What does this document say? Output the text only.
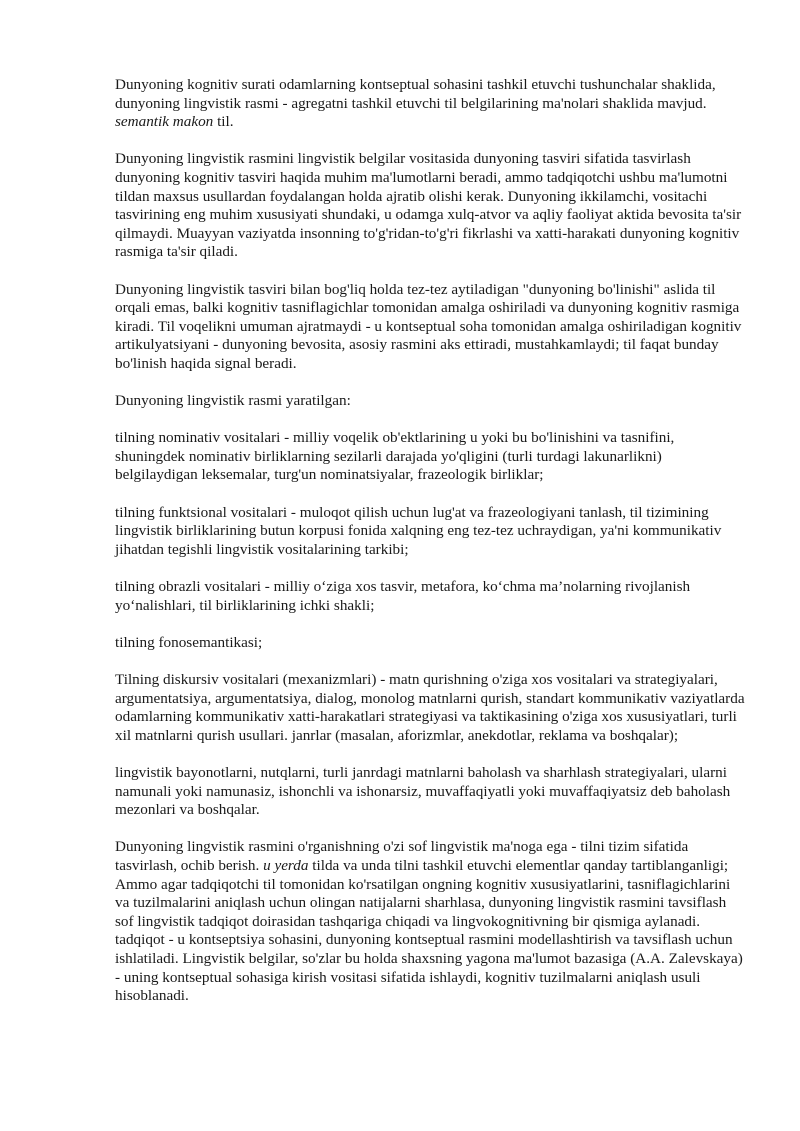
Dunyoning kognitiv surati odamlarning kontseptual sohasini tashkil etuvchi tushunchalar shaklida, dunyoning lingvistik rasmi - agregatni tashkil etuvchi til belgilarining ma'nolari shaklida mavjud. semantik makon til.

Dunyoning lingvistik rasmini lingvistik belgilar vositasida dunyoning tasviri sifatida tasvirlash dunyoning kognitiv tasviri haqida muhim ma'lumotlarni beradi, ammo tadqiqotchi ushbu ma'lumotni tildan maxsus usullardan foydalangan holda ajratib olishi kerak. Dunyoning ikkilamchi, vositachi tasvirining eng muhim xususiyati shundaki, u odamga xulq-atvor va aqliy faoliyat aktida bevosita ta'sir qilmaydi. Muayyan vaziyatda insonning to'g'ridan-to'g'ri fikrlashi va xatti-harakati dunyoning kognitiv rasmiga ta'sir qiladi.

Dunyoning lingvistik tasviri bilan bog'liq holda tez-tez aytiladigan "dunyoning bo'linishi" aslida til orqali emas, balki kognitiv tasniflagichlar tomonidan amalga oshiriladi va dunyoning kognitiv rasmiga kiradi. Til voqelikni umuman ajratmaydi - u kontseptual soha tomonidan amalga oshiriladigan kognitiv artikulyatsiyani - dunyoning bevosita, asosiy rasmini aks ettiradi, mustahkamlaydi; til faqat bunday bo'linish haqida signal beradi.

Dunyoning lingvistik rasmi yaratilgan:

tilning nominativ vositalari - milliy voqelik ob'ektlarining u yoki bu bo'linishini va tasnifini, shuningdek nominativ birliklarning sezilarli darajada yo'qligini (turli turdagi lakunarlikni) belgilaydigan leksemalar, turg'un nominatsiyalar, frazeologik birliklar;

tilning funktsional vositalari - muloqot qilish uchun lug'at va frazeologiyani tanlash, til tizimining lingvistik birliklarining butun korpusi fonida xalqning eng tez-tez uchraydigan, ya'ni kommunikativ jihatdan tegishli lingvistik vositalarining tarkibi;

tilning obrazli vositalari - milliy o‘ziga xos tasvir, metafora, ko‘chma ma’nolarning rivojlanish yo‘nalishlari, til birliklarining ichki shakli;

tilning fonosemantikasi;

Tilning diskursiv vositalari (mexanizmlari) - matn qurishning o'ziga xos vositalari va strategiyalari, argumentatsiya, argumentatsiya, dialog, monolog matnlarni qurish, standart kommunikativ vaziyatlarda odamlarning kommunikativ xatti-harakatlari strategiyasi va taktikasining o'ziga xos xususiyatlari, turli xil matnlarni qurish usullari. janrlar (masalan, aforizmlar, anekdotlar, reklama va boshqalar);

lingvistik bayonotlarni, nutqlarni, turli janrdagi matnlarni baholash va sharhlash strategiyalari, ularni namunali yoki namunasiz, ishonchli va ishonarsiz, muvaffaqiyatli yoki muvaffaqiyatsiz deb baholash mezonlari va boshqalar.

Dunyoning lingvistik rasmini o'rganishning o'zi sof lingvistik ma'noga ega - tilni tizim sifatida tasvirlash, ochib berish. u yerda tilda va unda tilni tashkil etuvchi elementlar qanday tartiblanganligi; Ammo agar tadqiqotchi til tomonidan ko'rsatilgan ongning kognitiv xususiyatlarini, tasniflagichlarini va tuzilmalarini aniqlash uchun olingan natijalarni sharhlasa, dunyoning lingvistik rasmini tavsiflash sof lingvistik tadqiqot doirasidan tashqariga chiqadi va lingvokognitivning bir qismiga aylanadi. tadqiqot - u kontseptsiya sohasini, dunyoning kontseptual rasmini modellashtirish va tavsiflash uchun ishlatiladi. Lingvistik belgilar, so'zlar bu holda shaxsning yagona ma'lumot bazasiga (A.A. Zalevskaya) - uning kontseptual sohasiga kirish vositasi sifatida ishlaydi, kognitiv tuzilmalarni aniqlash usuli hisoblanadi.
